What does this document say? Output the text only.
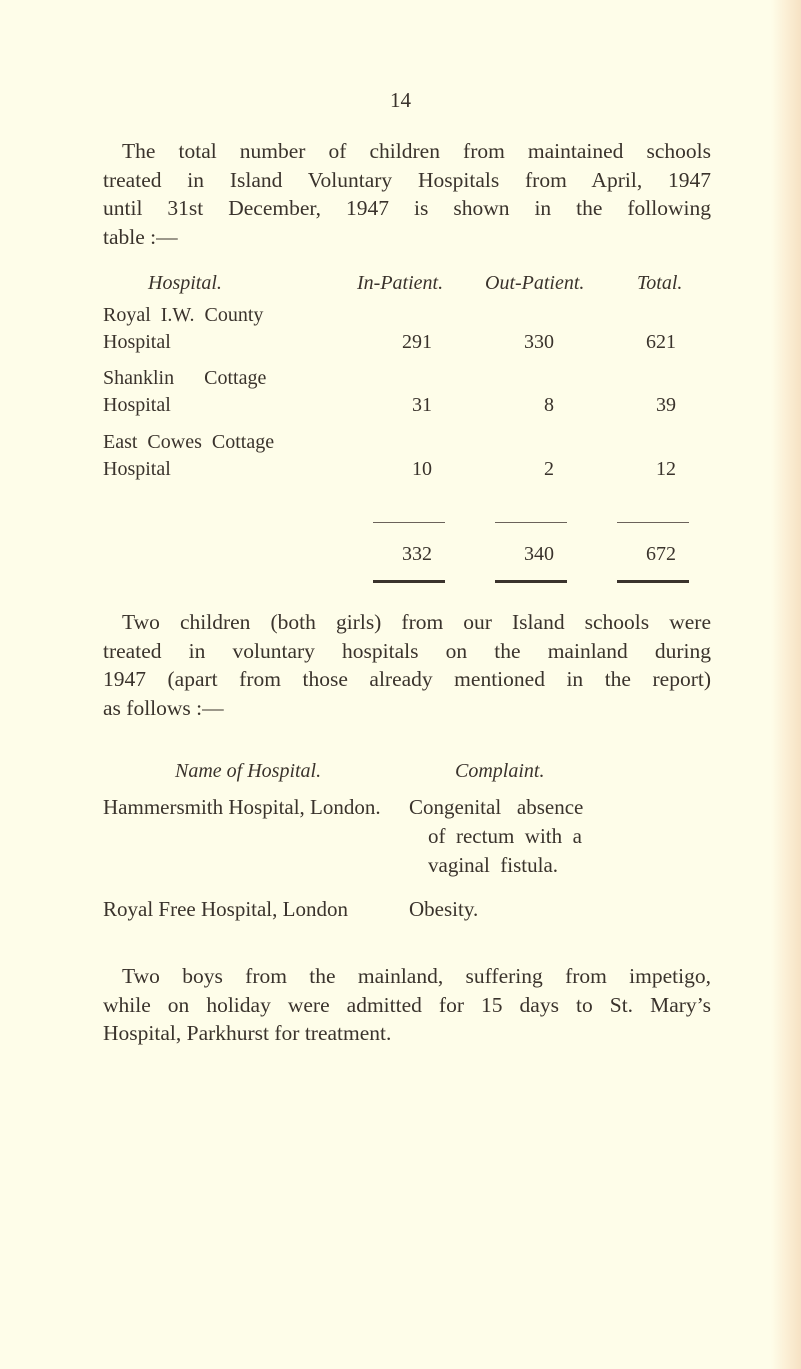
14
The total number of children from maintained schools
treated in Island Voluntary Hospitals from April, 1947
until 31st December, 1947 is shown in the following
table :—
Hospital.	In-Patient. Out-Patient.	Total.
Royal  I.W.  County
Hospital	291	330	621
Shanklin      Cottage
Hospital	31	8	39
East  Cowes  Cottage
Hospital	10	2	12
332	340	672
Two children (both girls) from our Island schools were
treated in voluntary hospitals on the mainland during
1947 (apart from those already mentioned in the report)
as follows :—
Name of Hospital.	Complaint.
Hammersmith Hospital, London. Congenital   absence
of  rectum  with  a
vaginal  fistula.
Royal Free Hospital, London	Obesity.
Two boys from the mainland, suffering from impetigo,
while on holiday were admitted for 15 days to St. Mary’s
Hospital, Parkhurst for treatment.
